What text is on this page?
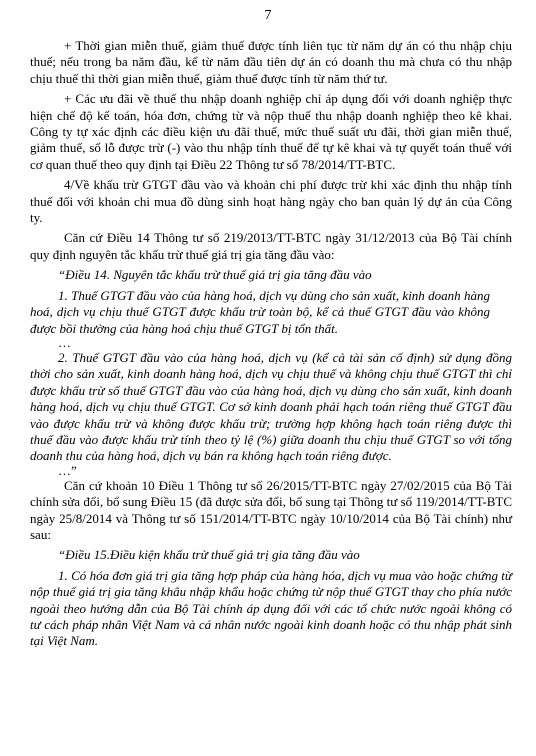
7

+ Thời gian miễn thuế, giảm thuế được tính liên tục từ năm dự án có thu nhập chịu thuế; nếu trong ba năm đầu, kể từ năm đầu tiên dự án có doanh thu mà chưa có thu nhập chịu thuế thì thời gian miễn thuế, giảm thuế được tính từ năm thứ tư.

+ Các ưu đãi về thuế thu nhập doanh nghiệp chỉ áp dụng đối với doanh nghiệp thực hiện chế độ kế toán, hóa đơn, chứng từ và nộp thuế thu nhập doanh nghiệp theo kê khai. Công ty tự xác định các điều kiện ưu đãi thuế, mức thuế suất ưu đãi, thời gian miễn thuế, giảm thuế, số lỗ được trừ (-) vào thu nhập tính thuế để tự kê khai và tự quyết toán thuế với cơ quan thuế theo quy định tại Điều 22 Thông tư số 78/2014/TT-BTC.

4/Về khấu trừ GTGT đầu vào và khoản chi phí được trừ khi xác định thu nhập tính thuế đối với khoản chi mua đồ dùng sinh hoạt hàng ngày cho ban quản lý dự án của Công ty.

Căn cứ Điều 14 Thông tư số 219/2013/TT-BTC ngày 31/12/2013 của Bộ Tài chính quy định nguyên tắc khấu trừ thuế giá trị gia tăng đầu vào:

“Điều 14. Nguyên tắc khấu trừ thuế giá trị gia tăng đầu vào

1. Thuế GTGT đầu vào của hàng hoá, dịch vụ dùng cho sản xuất, kinh doanh hàng hoá, dịch vụ chịu thuế GTGT được khấu trừ toàn bộ, kể cả thuế GTGT đầu vào không được bồi thường của hàng hoá chịu thuế GTGT bị tổn thất.

…

2. Thuế GTGT đầu vào của hàng hoá, dịch vụ (kể cả tài sản cố định) sử dụng đồng thời cho sản xuất, kinh doanh hàng hoá, dịch vụ chịu thuế và không chịu thuế GTGT thì chỉ được khấu trừ số thuế GTGT đầu vào của hàng hoá, dịch vụ dùng cho sản xuất, kinh doanh hàng hoá, dịch vụ chịu thuế GTGT. Cơ sở kinh doanh phải hạch toán riêng thuế GTGT đầu vào được khấu trừ và không được khấu trừ; trường hợp không hạch toán riêng được thì thuế đầu vào được khấu trừ tính theo tỷ lệ (%) giữa doanh thu chịu thuế GTGT so với tổng doanh thu của hàng hoá, dịch vụ bán ra không hạch toán riêng được.

…”

Căn cứ khoản 10 Điều 1 Thông tư số 26/2015/TT-BTC ngày 27/02/2015 của Bộ Tài chính sửa đổi, bổ sung Điều 15 (đã được sửa đổi, bổ sung tại Thông tư số 119/2014/TT-BTC ngày 25/8/2014 và Thông tư số 151/2014/TT-BTC ngày 10/10/2014 của Bộ Tài chính) như sau:

“Điều 15.Điều kiện khấu trừ thuế giá trị gia tăng đầu vào

1. Có hóa đơn giá trị gia tăng hợp pháp của hàng hóa, dịch vụ mua vào hoặc chứng từ nộp thuế giá trị gia tăng khâu nhập khẩu hoặc chứng từ nộp thuế GTGT thay cho phía nước ngoài theo hướng dẫn của Bộ Tài chính áp dụng đối với các tổ chức nước ngoài không có tư cách pháp nhân Việt Nam và cá nhân nước ngoài kinh doanh hoặc có thu nhập phát sinh tại Việt Nam.
